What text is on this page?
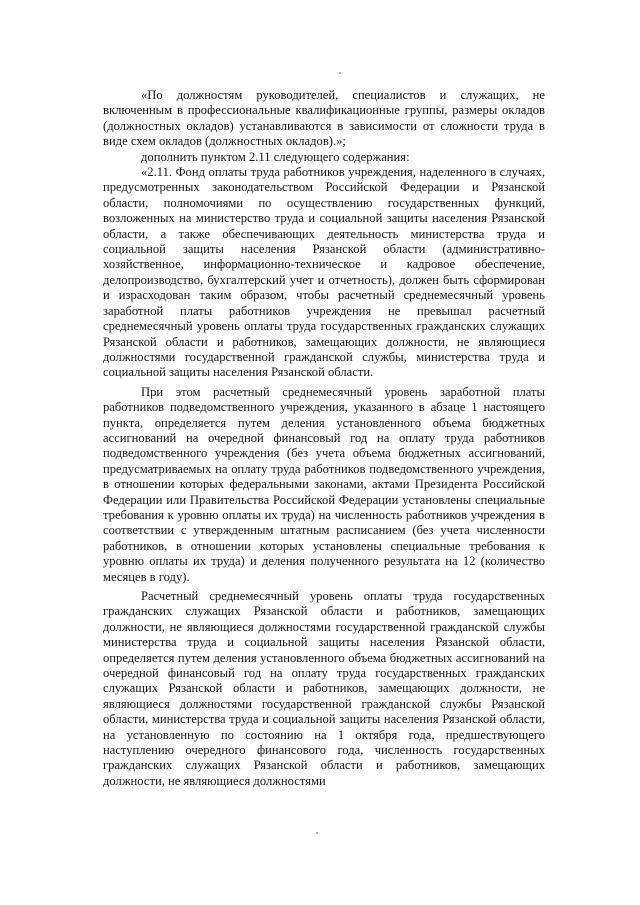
«По должностям руководителей, специалистов и служащих, не включенным в профессиональные квалификационные группы, размеры окладов (должностных окладов) устанавливаются в зависимости от сложности труда в виде схем окладов (должностных окладов).»;

дополнить пунктом 2.11 следующего содержания:

«2.11. Фонд оплаты труда работников учреждения, наделенного в случаях, предусмотренных законодательством Российской Федерации и Рязанской области, полномочиями по осуществлению государственных функций, возложенных на министерство труда и социальной защиты населения Рязанской области, а также обеспечивающих деятельность министерства труда и социальной защиты населения Рязанской области (административно-хозяйственное, информационно-техническое и кадровое обеспечение, делопроизводство, бухгалтерский учет и отчетность), должен быть сформирован и израсходован таким образом, чтобы расчетный среднемесячный уровень заработной платы работников учреждения не превышал расчетный среднемесячный уровень оплаты труда государственных гражданских служащих Рязанской области и работников, замещающих должности, не являющиеся должностями государственной гражданской службы, министерства труда и социальной защиты населения Рязанской области.

При этом расчетный среднемесячный уровень заработной платы работников подведомственного учреждения, указанного в абзаце 1 настоящего пункта, определяется путем деления установленного объема бюджетных ассигнований на очередной финансовый год на оплату труда работников подведомственного учреждения (без учета объема бюджетных ассигнований, предусматриваемых на оплату труда работников подведомственного учреждения, в отношении которых федеральными законами, актами Президента Российской Федерации или Правительства Российской Федерации установлены специальные требования к уровню оплаты их труда) на численность работников учреждения в соответствии с утвержденным штатным расписанием (без учета численности работников, в отношении которых установлены специальные требования к уровню оплаты их труда) и деления полученного результата на 12 (количество месяцев в году).

Расчетный среднемесячный уровень оплаты труда государственных гражданских служащих Рязанской области и работников, замещающих должности, не являющиеся должностями государственной гражданской службы министерства труда и социальной защиты населения Рязанской области, определяется путем деления установленного объема бюджетных ассигнований на очередной финансовый год на оплату труда государственных гражданских служащих Рязанской области и работников, замещающих должности, не являющиеся должностями государственной гражданской службы Рязанской области, министерства труда и социальной защиты населения Рязанской области, на установленную по состоянию на 1 октября года, предшествующего наступлению очередного финансового года, численность государственных гражданских служащих Рязанской области и работников, замещающих должности, не являющиеся должностями
